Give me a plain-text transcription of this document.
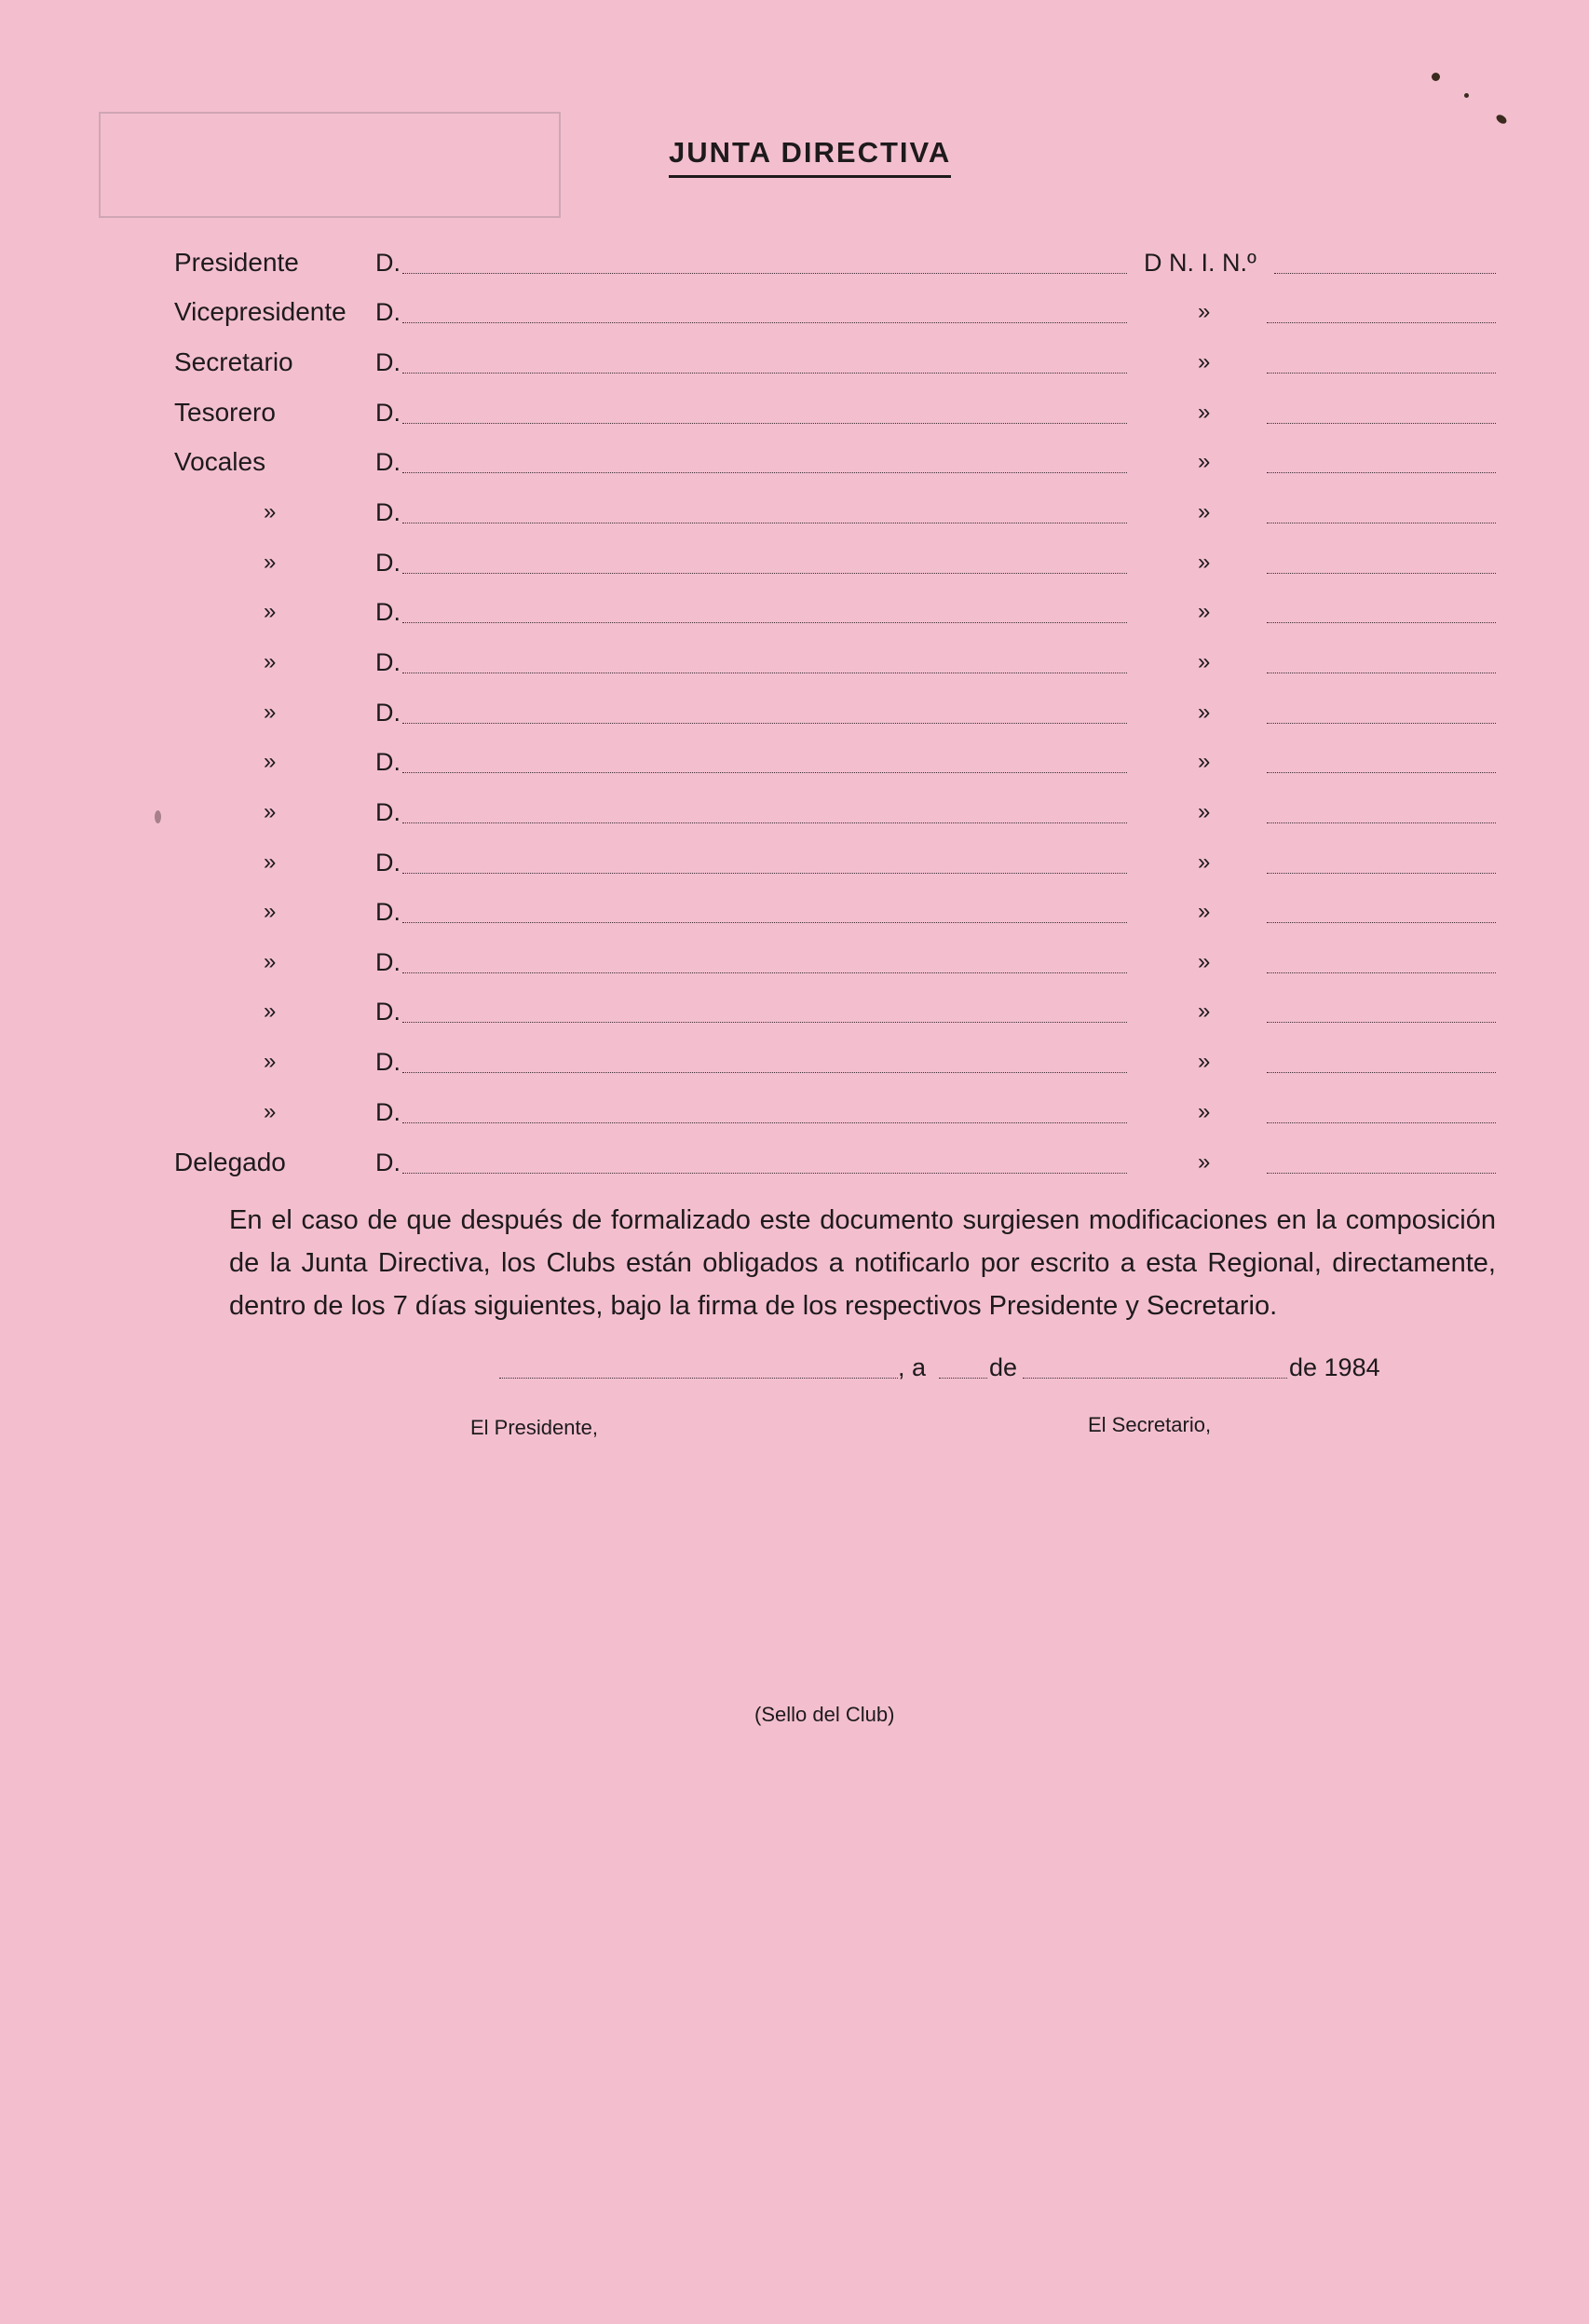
JUNTA DIRECTIVA
Presidente	D.	D N. I. N.º
Vicepresidente D.	»
Secretario	D.	»
Tesorero	D.	»
Vocales	D.	»
»	D.	»
»	D.	»
»	D.	»
»	D.	»
»	D.	»
»	D.	»
»	D.	»
»	D.	»
»	D.	»
»	D.	»
»	D.	»
»	D.	»
»	D.	»
Delegado	D.	»
En el caso de que después de formalizado este documento surgiesen modificaciones en la composición de la Junta Directiva, los Clubs están obligados a notificarlo por escrito a esta Regional, directamente, dentro de los 7 días siguientes, bajo la firma de los respectivos Presidente y Secretario.
, a	de	de 1984
El Presidente,	El Secretario,
(Sello del Club)
